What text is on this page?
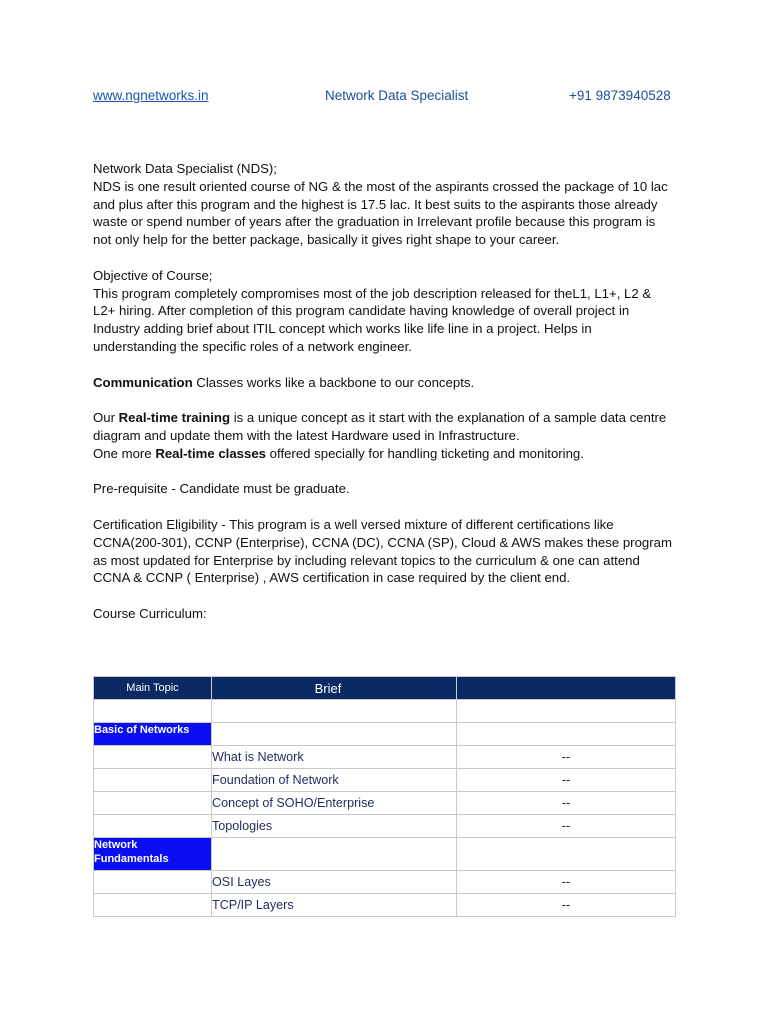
www.ngnetworks.in	Network Data Specialist	+91 9873940528

Network Data Specialist (NDS);
NDS is one result oriented course of NG & the most of the aspirants crossed the package of 10 lac and plus after this program and the highest is 17.5 lac. It best suits to the aspirants those already waste or spend number of years after the graduation in Irrelevant profile because this program is not only help for the better package, basically it gives right shape to your career.

Objective of Course;
This program completely compromises most of the job description released for theL1, L1+, L2 & L2+ hiring. After completion of this program candidate having knowledge of overall project in Industry adding brief about ITIL concept which works like life line in a project. Helps in understanding the specific roles of a network engineer.

Communication Classes works like a backbone to our concepts.

Our Real-time training is a unique concept as it start with the explanation of a sample data centre diagram and update them with the latest Hardware used in Infrastructure.
One more Real-time classes offered specially for handling ticketing and monitoring.

Pre-requisite - Candidate must be graduate.

Certification Eligibility - This program is a well versed mixture of different certifications like CCNA(200-301), CCNP (Enterprise), CCNA (DC), CCNA (SP), Cloud & AWS makes these program as most updated for Enterprise by including relevant topics to the curriculum & one can attend CCNA & CCNP ( Enterprise) , AWS certification in case required by the client end.

Course Curriculum:

Main Topic	Brief	

Basic of Networks		
	What is Network	--
	Foundation of Network	--
	Concept of SOHO/Enterprise	--
	Topologies	--
Network Fundamentals		
	OSI Layes	--
	TCP/IP Layers	--
